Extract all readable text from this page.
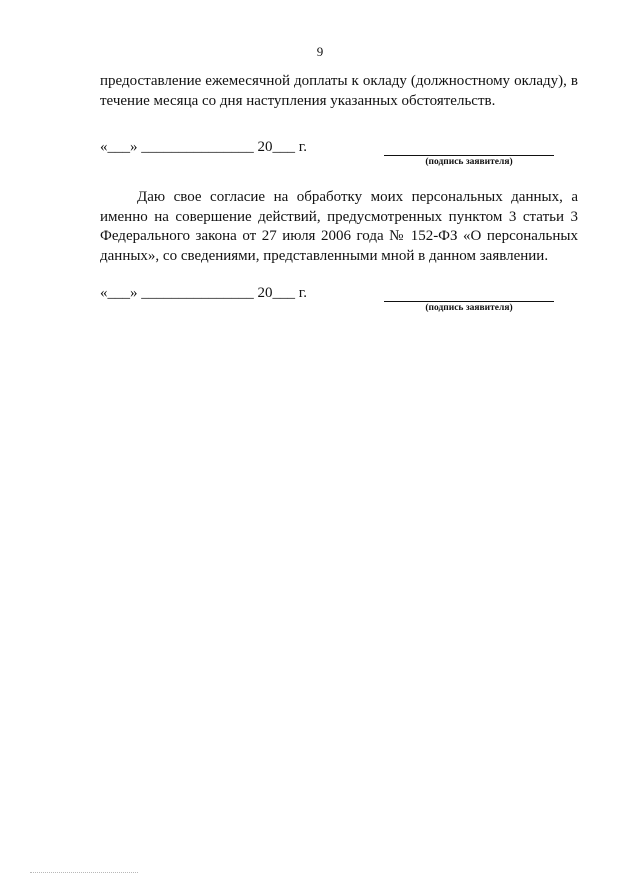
9
предоставление ежемесячной доплаты к окладу (должностному окладу), в течение месяца со дня наступления указанных обстоятельств.
«___» _______________ 20___ г.
(подпись заявителя)
Даю свое согласие на обработку моих персональных данных, а именно на совершение действий, предусмотренных пунктом 3 статьи 3 Федерального закона от 27 июля 2006 года № 152-ФЗ «О персональных данных», со сведениями, представленными мной в данном заявлении.
«___» _______________ 20___ г.
(подпись заявителя)
